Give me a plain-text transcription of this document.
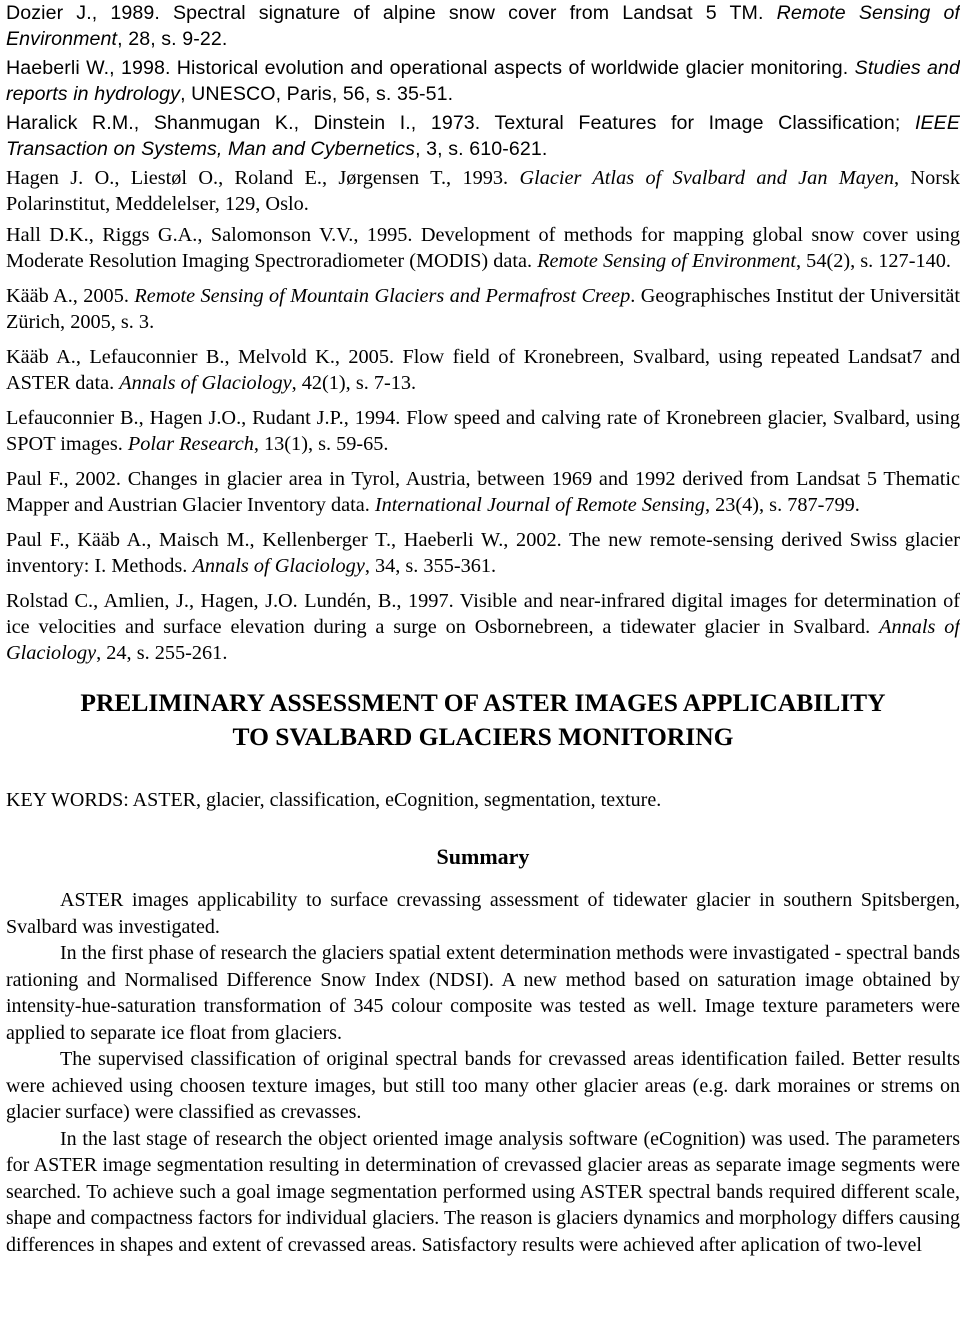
Dozier J., 1989. Spectral signature of alpine snow cover from Landsat 5 TM. Remote Sensing of Environment, 28, s. 9-22.
Haeberli W., 1998. Historical evolution and operational aspects of worldwide glacier monitoring. Studies and reports in hydrology, UNESCO, Paris, 56, s. 35-51.
Haralick R.M., Shanmugan K., Dinstein I., 1973. Textural Features for Image Classification; IEEE Transaction on Systems, Man and Cybernetics, 3, s. 610-621.
Hagen J. O., Liestøl O., Roland E., Jørgensen T., 1993. Glacier Atlas of Svalbard and Jan Mayen, Norsk Polarinstitut, Meddelelser, 129, Oslo.
Hall D.K., Riggs G.A., Salomonson V.V., 1995. Development of methods for mapping global snow cover using Moderate Resolution Imaging Spectroradiometer (MODIS) data. Remote Sensing of Environment, 54(2), s. 127-140.
Kääb A., 2005. Remote Sensing of Mountain Glaciers and Permafrost Creep. Geographisches Institut der Universität Zürich, 2005, s. 3.
Kääb A., Lefauconnier B., Melvold K., 2005. Flow field of Kronebreen, Svalbard, using repeated Landsat7 and ASTER data. Annals of Glaciology, 42(1), s. 7-13.
Lefauconnier B., Hagen J.O., Rudant J.P., 1994. Flow speed and calving rate of Kronebreen glacier, Svalbard, using SPOT images. Polar Research, 13(1), s. 59-65.
Paul F., 2002. Changes in glacier area in Tyrol, Austria, between 1969 and 1992 derived from Landsat 5 Thematic Mapper and Austrian Glacier Inventory data. International Journal of Remote Sensing, 23(4), s. 787-799.
Paul F., Kääb A., Maisch M., Kellenberger T., Haeberli W., 2002. The new remote-sensing derived Swiss glacier inventory: I. Methods. Annals of Glaciology, 34, s. 355-361.
Rolstad C., Amlien, J., Hagen, J.O. Lundén, B., 1997. Visible and near-infrared digital images for determination of ice velocities and surface elevation during a surge on Osbornebreen, a tidewater glacier in Svalbard. Annals of Glaciology, 24, s. 255-261.
PRELIMINARY ASSESSMENT OF ASTER IMAGES APPLICABILITY
TO SVALBARD GLACIERS MONITORING
KEY WORDS: ASTER, glacier, classification, eCognition, segmentation, texture.
Summary

ASTER images applicability to surface crevassing assessment of tidewater glacier in southern Spitsbergen, Svalbard was investigated.

In the first phase of research the glaciers spatial extent determination methods were invastigated - spectral bands rationing and Normalised Difference Snow Index (NDSI). A new method based on saturation image obtained by intensity-hue-saturation transformation of 345 colour composite was tested as well. Image texture parameters were applied to separate ice float from glaciers.

The supervised classification of original spectral bands for crevassed areas identification failed. Better results were achieved using choosen texture images, but still too many other glacier areas (e.g. dark moraines or strems on glacier surface) were classified as crevasses.

In the last stage of research the object oriented image analysis software (eCognition) was used. The parameters for ASTER image segmentation resulting in determination of crevassed glacier areas as separate image segments were searched. To achieve such a goal image segmentation performed using ASTER spectral bands required different scale, shape and compactness factors for individual glaciers. The reason is glaciers dynamics and morphology differs causing differences in shapes and extent of crevassed areas. Satisfactory results were achieved after aplication of two-level
